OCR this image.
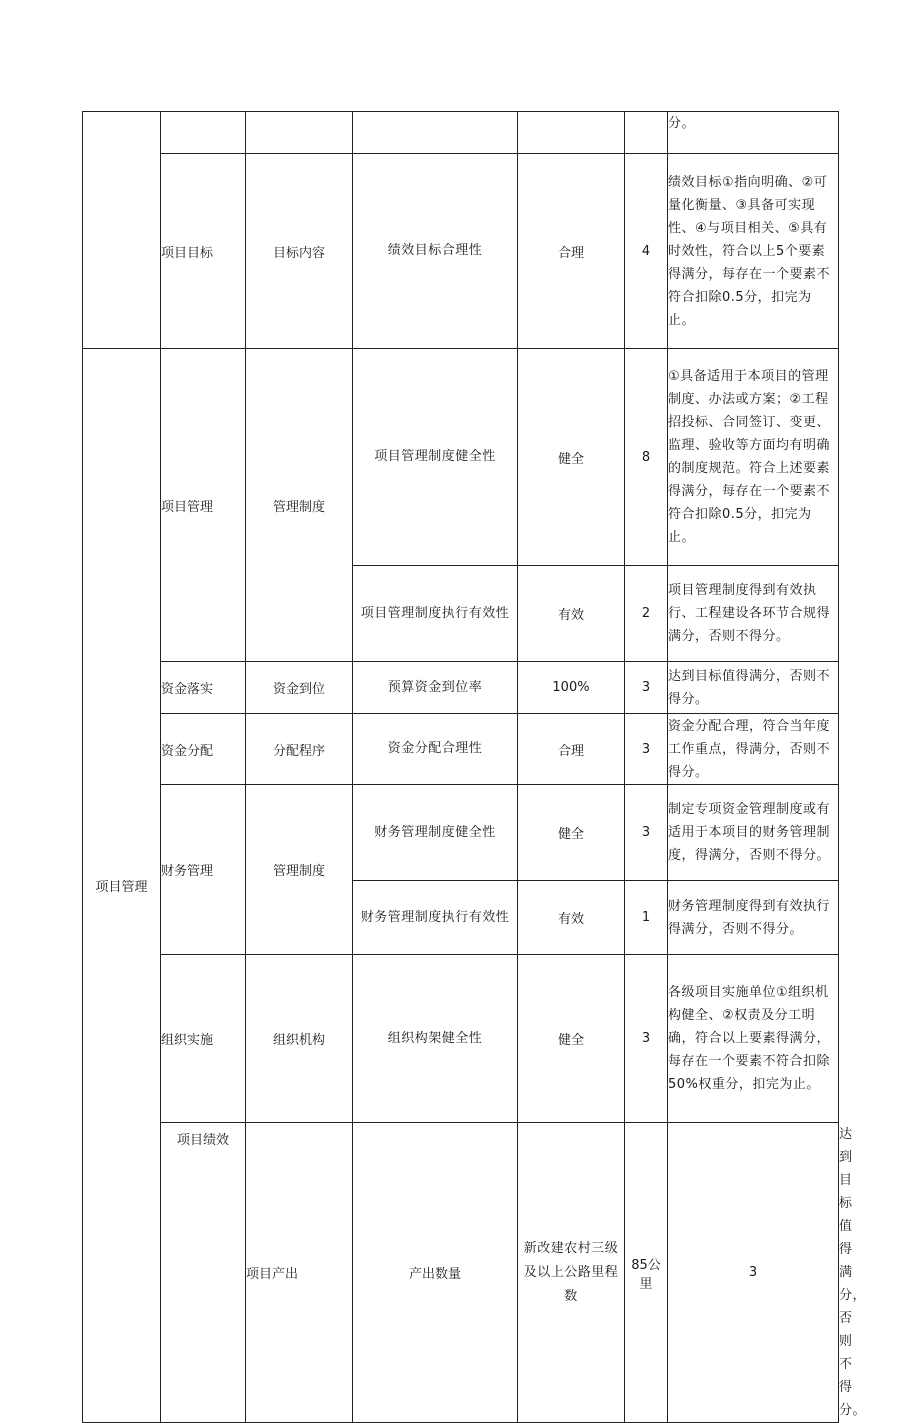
						分。	
	项目目标	目标内容	绩效目标合理性	合理	4	绩效目标①指向明确、②可量化衡量、③具备可实现性、④与项目相关、⑤具有时效性，符合以上5个要素得满分，每存在一个要素不符合扣除0.5分，扣完为止。	
项目管理	项目管理	管理制度	项目管理制度健全性	健全	8	①具备适用于本项目的管理制度、办法或方案；②工程招投标、合同签订、变更、监理、验收等方面均有明确的制度规范。符合上述要素得满分，每存在一个要素不符合扣除0.5分，扣完为止。	
			项目管理制度执行有效性	有效	2	项目管理制度得到有效执行、工程建设各环节合规得满分，否则不得分。	
	资金落实	资金到位	预算资金到位率	100%	3	达到目标值得满分，否则不得分。	
	资金分配	分配程序	资金分配合理性	合理	3	资金分配合理，符合当年度工作重点，得满分，否则不得分。	
	财务管理	管理制度	财务管理制度健全性	健全	3	制定专项资金管理制度或有适用于本项目的财务管理制度，得满分，否则不得分。	
			财务管理制度执行有效性	有效	1	财务管理制度得到有效执行得满分，否则不得分。	
	组织实施	组织机构	组织构架健全性	健全	3	各级项目实施单位①组织机构健全、②权责及分工明确，符合以上要素得满分，每存在一个要素不符合扣除50%权重分，扣完为止。	
	项目绩效	项目产出	产出数量	新改建农村三级及以上公路里程数	85公里	3	达到目标值得满分，否则不得分。
